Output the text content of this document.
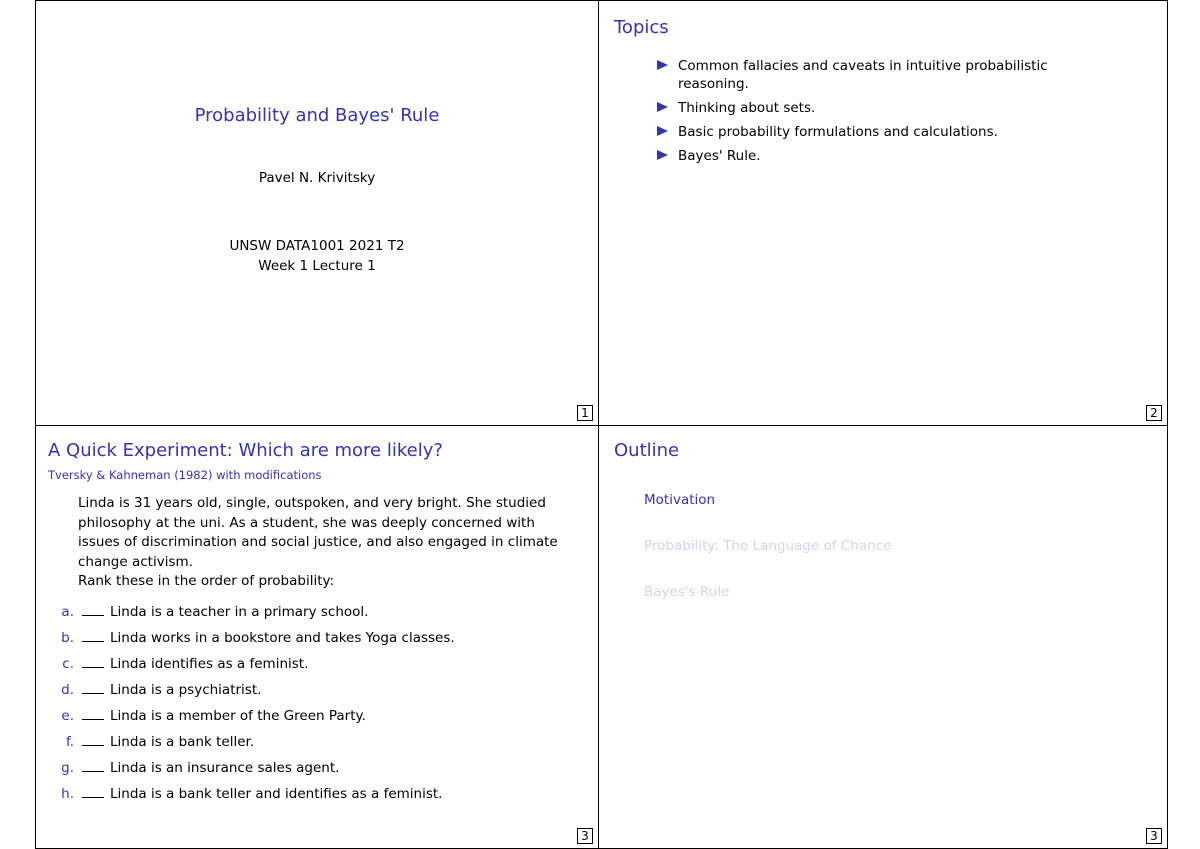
Probability and Bayes' Rule
Pavel N. Krivitsky
UNSW DATA1001 2021 T2
Week 1 Lecture 1
1
Topics
Common fallacies and caveats in intuitive probabilistic reasoning.
Thinking about sets.
Basic probability formulations and calculations.
Bayes' Rule.
2
A Quick Experiment: Which are more likely?
Tversky & Kahneman (1982) with modifications
Linda is 31 years old, single, outspoken, and very bright. She studied philosophy at the uni. As a student, she was deeply concerned with issues of discrimination and social justice, and also engaged in climate change activism.
Rank these in the order of probability:
a.	Linda is a teacher in a primary school.
b.	Linda works in a bookstore and takes Yoga classes.
c.	Linda identifies as a feminist.
d.	Linda is a psychiatrist.
e.	Linda is a member of the Green Party.
f.	Linda is a bank teller.
g.	Linda is an insurance sales agent.
h.	Linda is a bank teller and identifies as a feminist.
3
Outline
Motivation
Probability: The Language of Chance
Bayes's Rule
3
